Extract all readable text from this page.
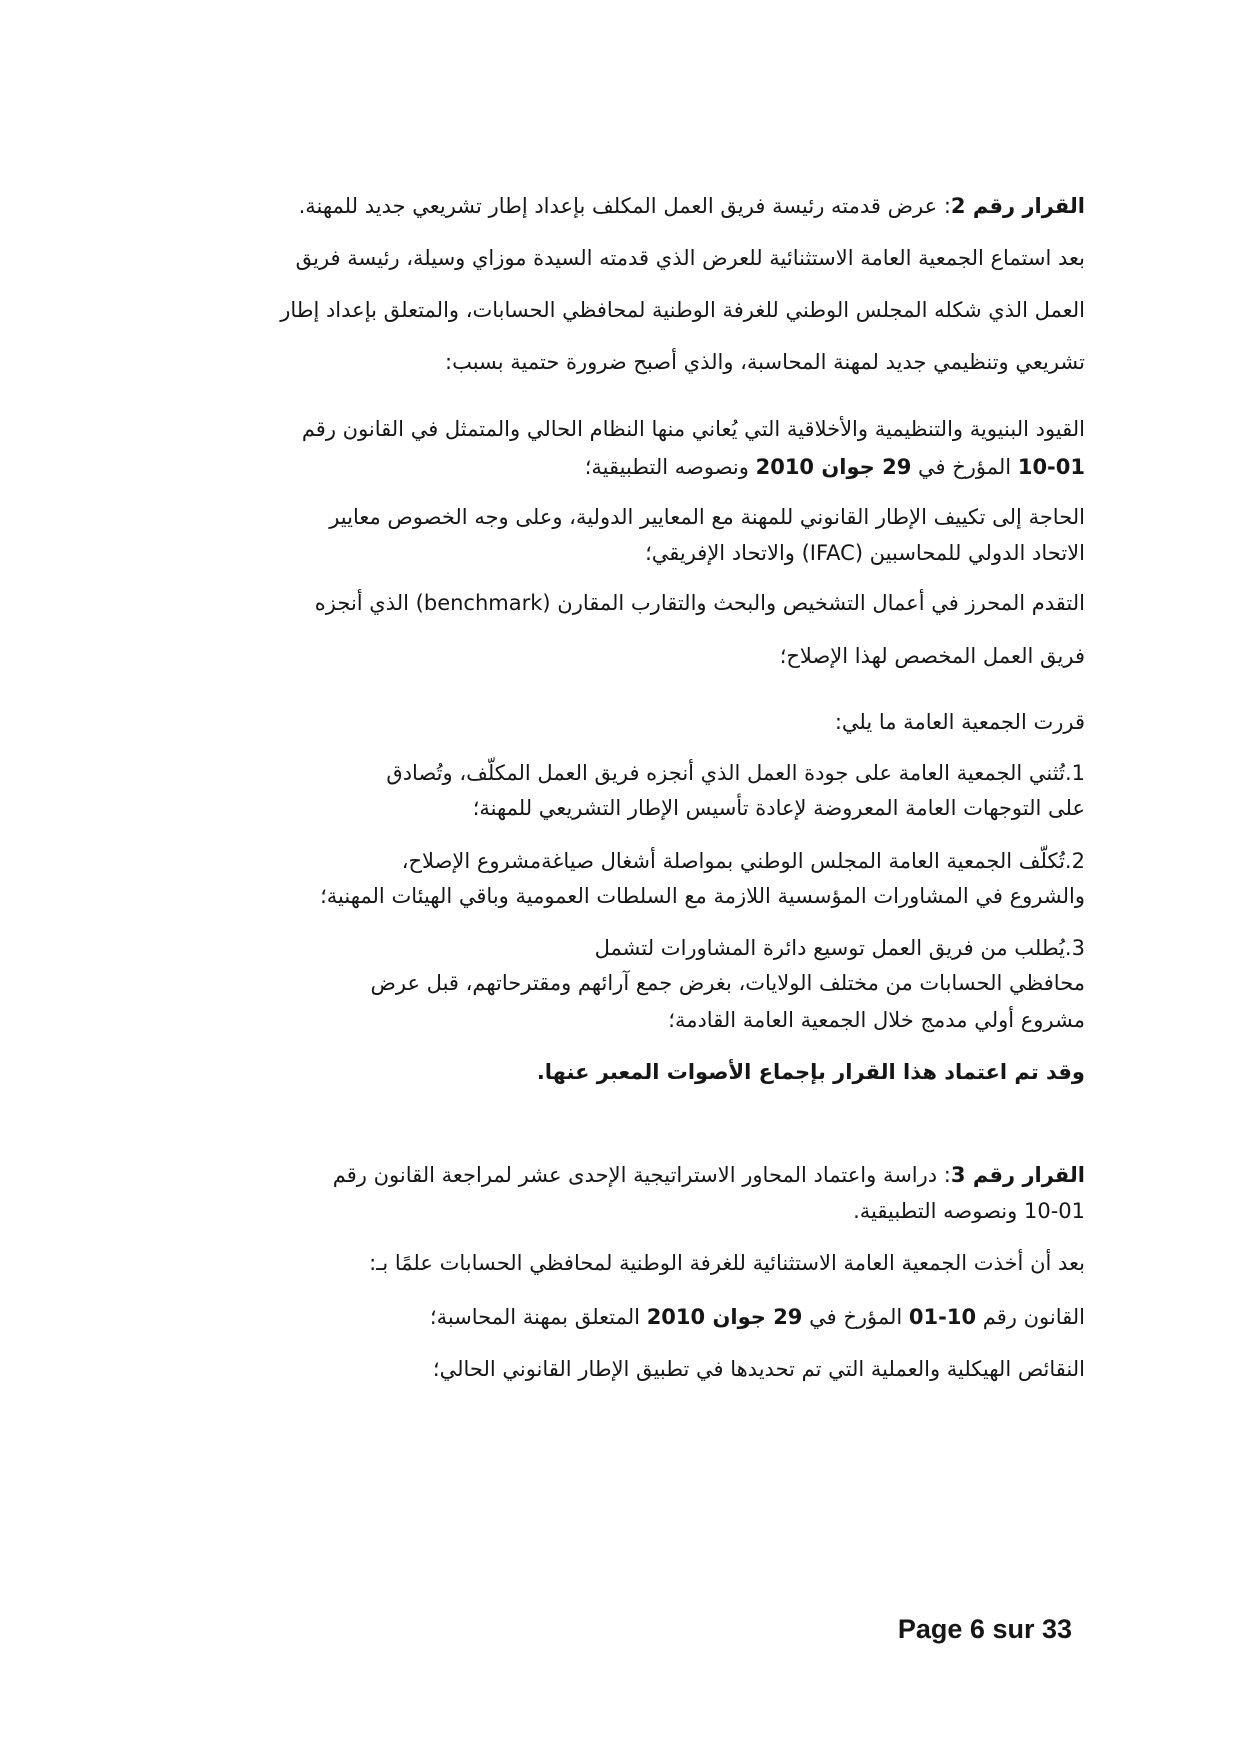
القرار رقم 2: عرض قدمته رئيسة فريق العمل المكلف بإعداد إطار تشريعي جديد للمهنة.
بعد استماع الجمعية العامة الاستثنائية للعرض الذي قدمته السيدة موزاي وسيلة، رئيسة فريق
العمل الذي شكله المجلس الوطني للغرفة الوطنية لمحافظي الحسابات، والمتعلق بإعداد إطار
تشريعي وتنظيمي جديد لمهنة المحاسبة، والذي أصبح ضرورة حتمية بسبب:
القيود البنيوية والتنظيمية والأخلاقية التي يُعاني منها النظام الحالي والمتمثل في القانون رقم
10-01 المؤرخ في 29 جوان 2010 ونصوصه التطبيقية؛
الحاجة إلى تكييف الإطار القانوني للمهنة مع المعايير الدولية، وعلى وجه الخصوص معايير
الاتحاد الدولي للمحاسبين (IFAC) والاتحاد الإفريقي؛
التقدم المحرز في أعمال التشخيص والبحث والتقارب المقارن (benchmark) الذي أنجزه
فريق العمل المخصص لهذا الإصلاح؛
قررت الجمعية العامة ما يلي:
1.تُثني الجمعية العامة على جودة العمل الذي أنجزه فريق العمل المكلّف، وتُصادق
على التوجهات العامة المعروضة لإعادة تأسيس الإطار التشريعي للمهنة؛
2.تُكلّف الجمعية العامة المجلس الوطني بمواصلة أشغال صياغةمشروع الإصلاح،
والشروع في المشاورات المؤسسية اللازمة مع السلطات العمومية وباقي الهيئات المهنية؛
3.يُطلب من فريق العمل توسيع دائرة المشاورات لتشمل
محافظي الحسابات من مختلف الولايات، بغرض جمع آرائهم ومقترحاتهم، قبل عرض
مشروع أولي مدمج خلال الجمعية العامة القادمة؛
وقد تم اعتماد هذا القرار بإجماع الأصوات المعبر عنها.
القرار رقم 3: دراسة واعتماد المحاور الاستراتيجية الإحدى عشر لمراجعة القانون رقم
10-01 ونصوصه التطبيقية.
بعد أن أخذت الجمعية العامة الاستثنائية للغرفة الوطنية لمحافظي الحسابات علمًا بـ:
القانون رقم 10-01 المؤرخ في 29 جوان 2010 المتعلق بمهنة المحاسبة؛
النقائص الهيكلية والعملية التي تم تحديدها في تطبيق الإطار القانوني الحالي؛
Page 6 sur 33
